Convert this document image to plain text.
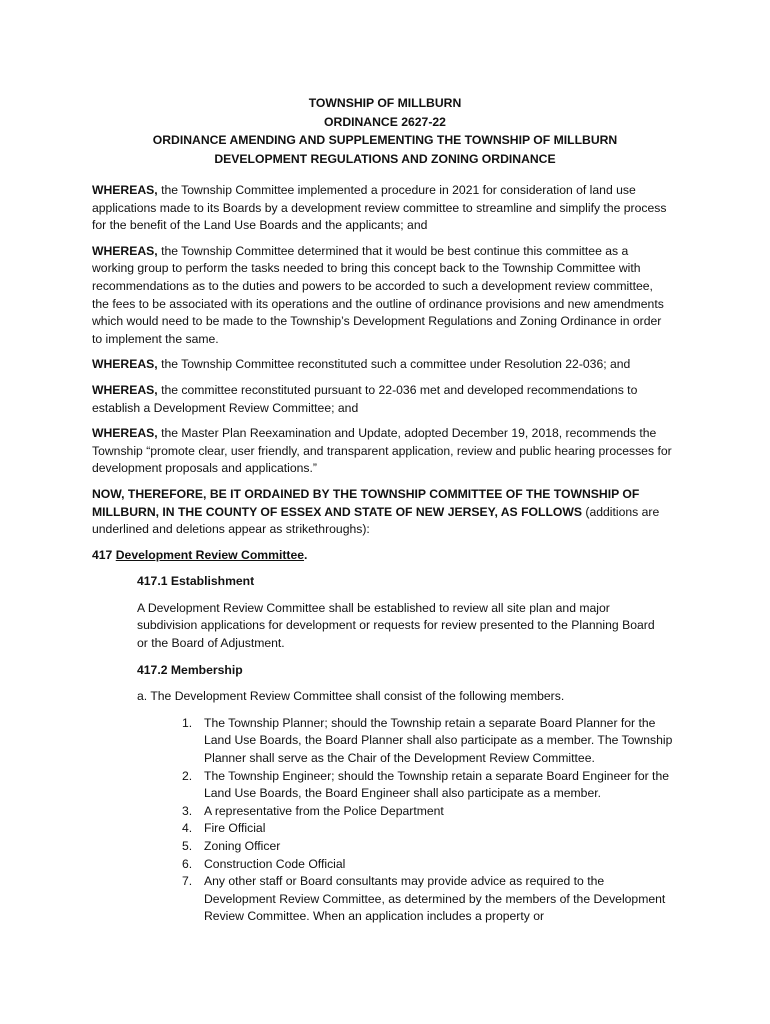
TOWNSHIP OF MILLBURN
ORDINANCE 2627-22
ORDINANCE AMENDING AND SUPPLEMENTING THE TOWNSHIP OF MILLBURN
DEVELOPMENT REGULATIONS AND ZONING ORDINANCE

WHEREAS, the Township Committee implemented a procedure in 2021 for consideration of land use applications made to its Boards by a development review committee to streamline and simplify the process for the benefit of the Land Use Boards and the applicants; and

WHEREAS, the Township Committee determined that it would be best continue this committee as a working group to perform the tasks needed to bring this concept back to the Township Committee with recommendations as to the duties and powers to be accorded to such a development review committee, the fees to be associated with its operations and the outline of ordinance provisions and new amendments which would need to be made to the Township’s Development Regulations and Zoning Ordinance in order to implement the same.

WHEREAS, the Township Committee reconstituted such a committee under Resolution 22-036; and

WHEREAS, the committee reconstituted pursuant to 22-036 met and developed recommendations to establish a Development Review Committee; and

WHEREAS, the Master Plan Reexamination and Update, adopted December 19, 2018, recommends the Township “promote clear, user friendly, and transparent application, review and public hearing processes for development proposals and applications.”

NOW, THEREFORE, BE IT ORDAINED BY THE TOWNSHIP COMMITTEE OF THE TOWNSHIP OF MILLBURN, IN THE COUNTY OF ESSEX AND STATE OF NEW JERSEY, AS FOLLOWS (additions are underlined and deletions appear as strikethroughs):

417 Development Review Committee.
417.1 Establishment
A Development Review Committee shall be established to review all site plan and major subdivision applications for development or requests for review presented to the Planning Board or the Board of Adjustment.
417.2 Membership
a. The Development Review Committee shall consist of the following members.
1. The Township Planner; should the Township retain a separate Board Planner for the Land Use Boards, the Board Planner shall also participate as a member. The Township Planner shall serve as the Chair of the Development Review Committee.
2. The Township Engineer; should the Township retain a separate Board Engineer for the Land Use Boards, the Board Engineer shall also participate as a member.
3. A representative from the Police Department
4. Fire Official
5. Zoning Officer
6. Construction Code Official
7. Any other staff or Board consultants may provide advice as required to the Development Review Committee, as determined by the members of the Development Review Committee. When an application includes a property or
